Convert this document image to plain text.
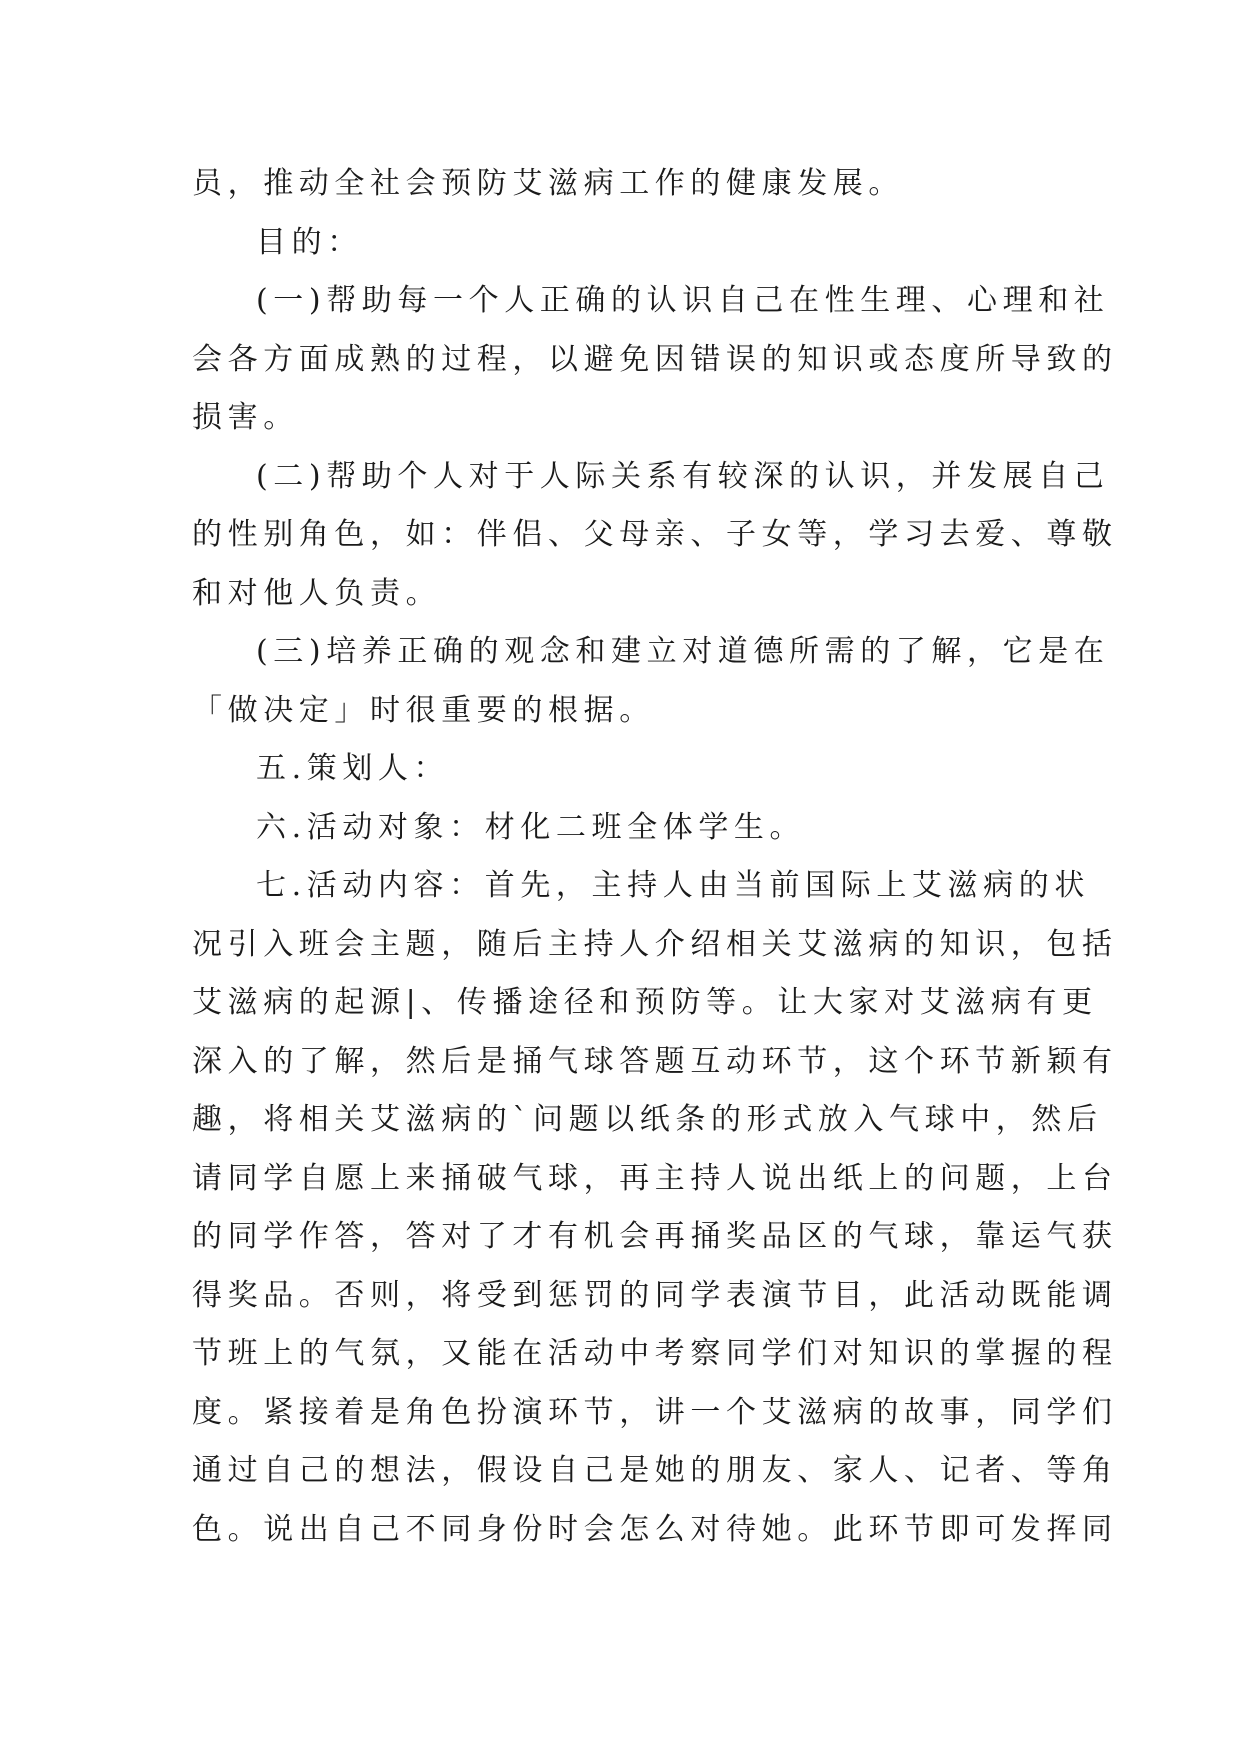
员，推动全社会预防艾滋病工作的健康发展。
目的：
(一)帮助每一个人正确的认识自己在性生理、心理和社
会各方面成熟的过程，以避免因错误的知识或态度所导致的
损害。
(二)帮助个人对于人际关系有较深的认识，并发展自己
的性别角色，如：伴侣、父母亲、子女等，学习去爱、尊敬
和对他人负责。
(三)培养正确的观念和建立对道德所需的了解，它是在
「做决定」时很重要的根据。
五.策划人：
六.活动对象：材化二班全体学生。
七.活动内容：首先，主持人由当前国际上艾滋病的状
况引入班会主题，随后主持人介绍相关艾滋病的知识，包括
艾滋病的起源|、传播途径和预防等。让大家对艾滋病有更
深入的了解，然后是捅气球答题互动环节，这个环节新颖有
趣，将相关艾滋病的`问题以纸条的形式放入气球中，然后
请同学自愿上来捅破气球，再主持人说出纸上的问题，上台
的同学作答，答对了才有机会再捅奖品区的气球，靠运气获
得奖品。否则，将受到惩罚的同学表演节目，此活动既能调
节班上的气氛，又能在活动中考察同学们对知识的掌握的程
度。紧接着是角色扮演环节，讲一个艾滋病的故事，同学们
通过自己的想法，假设自己是她的朋友、家人、记者、等角
色。说出自己不同身份时会怎么对待她。此环节即可发挥同
